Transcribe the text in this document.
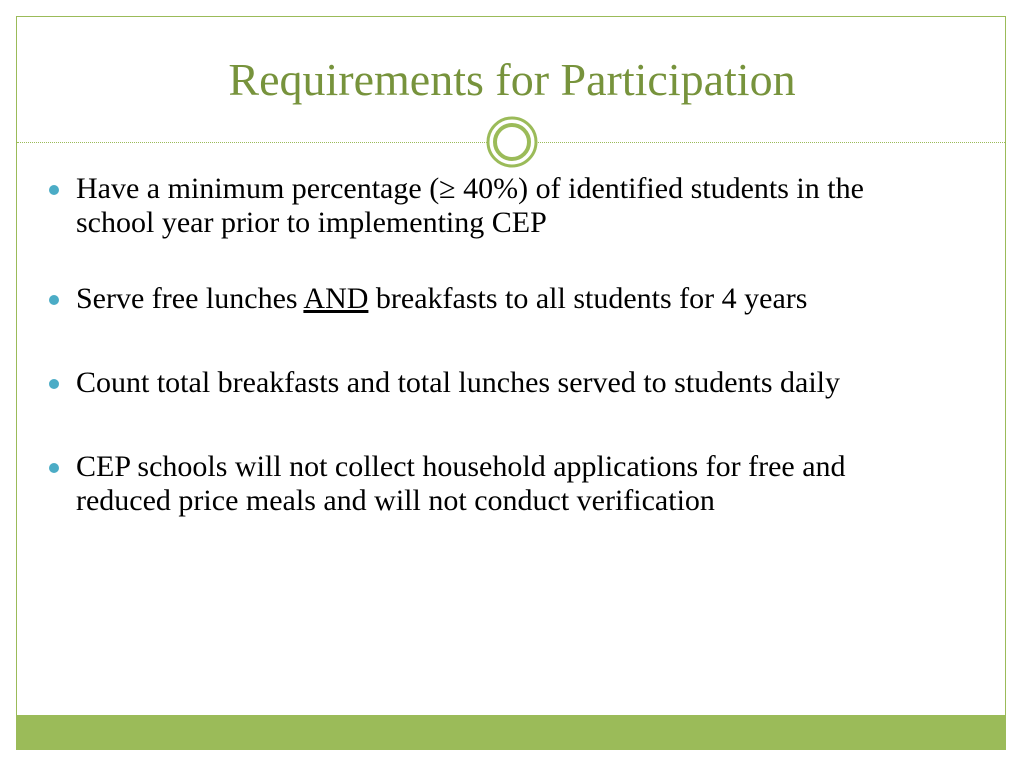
Requirements for Participation
Have a minimum percentage (≥ 40%) of identified students in the school year prior to implementing CEP
Serve free lunches AND breakfasts to all students for 4 years
Count total breakfasts and total lunches served to students daily
CEP schools will not collect household applications for free and reduced price meals and will not conduct verification
